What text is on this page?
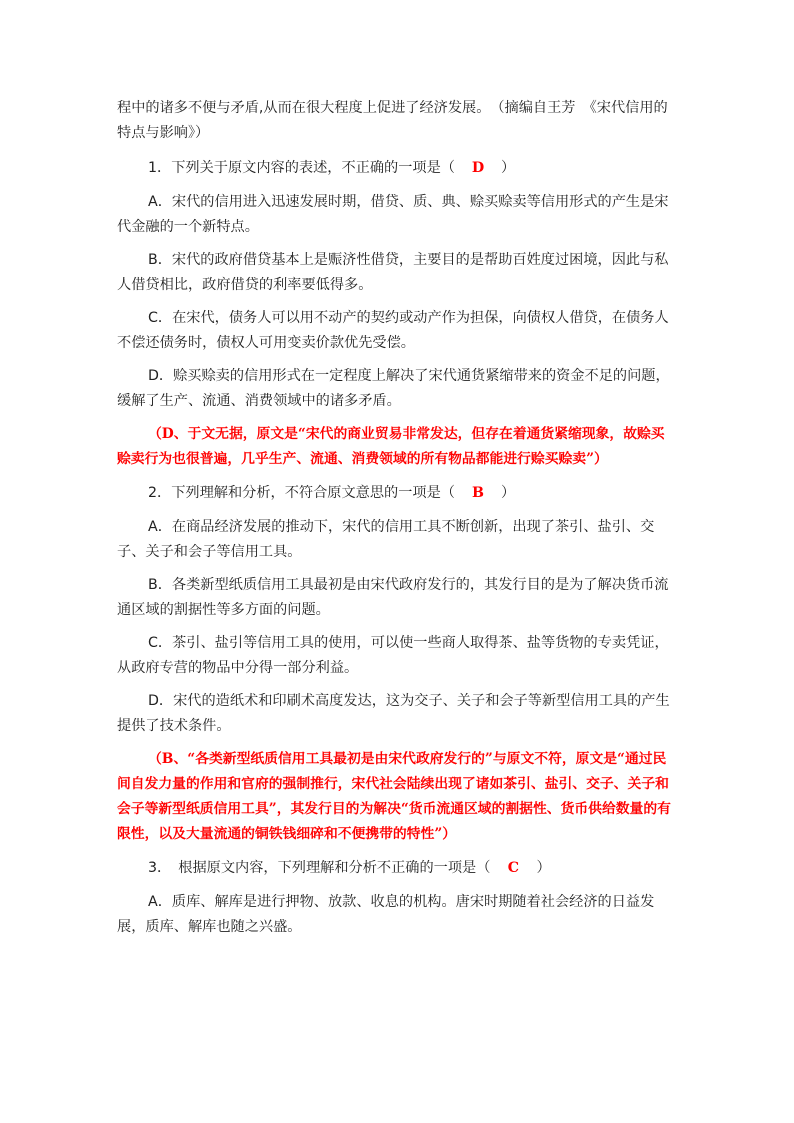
程中的诸多不便与矛盾,从而在很大程度上促进了经济发展。　（摘编自王芳　《宋代信用的特点与影响》）

1．下列关于原文内容的表述，不正确的一项是（ D ）

A．宋代的信用进入迅速发展时期，借贷、质、典、赊买赊卖等信用形式的产生是宋代金融的一个新特点。

B．宋代的政府借贷基本上是赈济性借贷，主要目的是帮助百姓度过困境，因此与私人借贷相比，政府借贷的利率要低得多。

C．在宋代，债务人可以用不动产的契约或动产作为担保，向债权人借贷，在债务人不偿还债务时，债权人可用变卖价款优先受偿。

D．赊买赊卖的信用形式在一定程度上解决了宋代通货紧缩带来的资金不足的问题，缓解了生产、流通、消费领域中的诸多矛盾。

（D、于文无据，原文是“宋代的商业贸易非常发达，但存在着通货紧缩现象，故赊买赊卖行为也很普遍，几乎生产、流通、消费领域的所有物品都能进行赊买赊卖”）

2．下列理解和分析，不符合原文意思的一项是（ B ）

A．在商品经济发展的推动下，宋代的信用工具不断创新，出现了茶引、盐引、交子、关子和会子等信用工具。

B．各类新型纸质信用工具最初是由宋代政府发行的，其发行目的是为了解决货币流通区域的割据性等多方面的问题。

C．茶引、盐引等信用工具的使用，可以使一些商人取得茶、盐等货物的专卖凭证，从政府专营的物品中分得一部分利益。

D．宋代的造纸术和印刷术高度发达，这为交子、关子和会子等新型信用工具的产生提供了技术条件。

（B、“各类新型纸质信用工具最初是由宋代政府发行的”与原文不符，原文是“通过民间自发力量的作用和官府的强制推行，宋代社会陆续出现了诸如茶引、盐引、交子、关子和会子等新型纸质信用工具”，其发行目的为解决“货币流通区域的割据性、货币供给数量的有限性，以及大量流通的铜铁钱细碎和不便携带的特性”）

3．　根据原文内容，下列理解和分析不正确的一项是（ C ）

A．质库、解库是进行押物、放款、收息的机构。唐宋时期随着社会经济的日益发展，质库、解库也随之兴盛。
